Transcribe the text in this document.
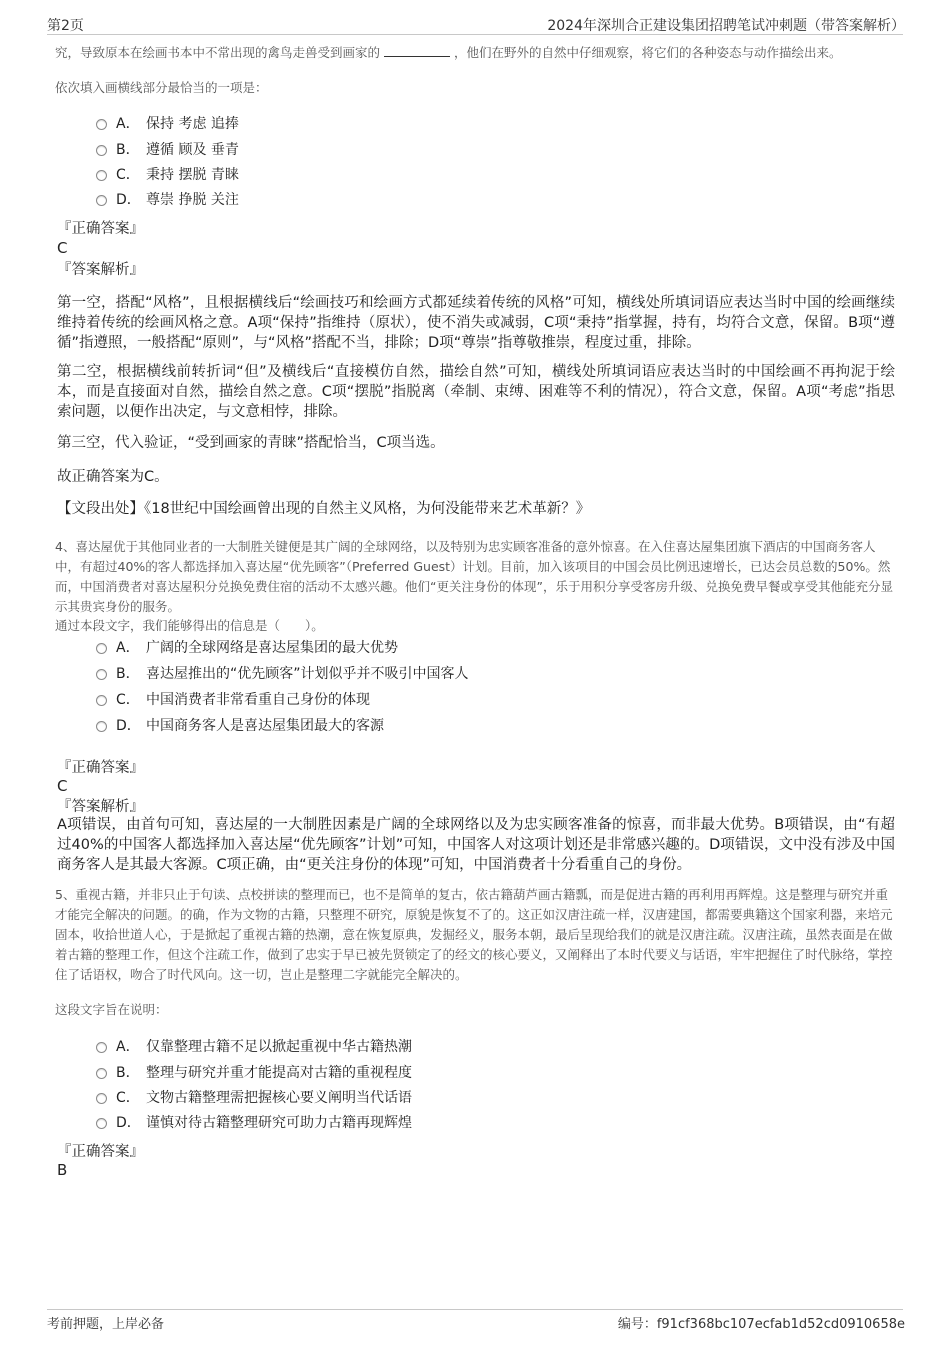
第2页	2024年深圳合正建设集团招聘笔试冲刺题（带答案解析）
究，导致原本在绘画书本中不常出现的禽鸟走兽受到画家的	，他们在野外的自然中仔细观察，将它们的各种姿态与动作描绘出来。
依次填入画横线部分最恰当的一项是：
A． 保持 考虑 追捧
B． 遵循 顾及 垂青
C． 秉持 摆脱 青睐
D． 尊崇 挣脱 关注
『正确答案』
C
『答案解析』
第一空，搭配“风格”，且根据横线后“绘画技巧和绘画方式都延续着传统的风格”可知，横线处所填词语应表达当时中国的绘画继续维持着传统的绘画风格之意。A项“保持”指维持（原状），使不消失或减弱，C项“秉持”指掌握，持有，均符合文意，保留。B项“遵循”指遵照，一般搭配“原则”，与“风格”搭配不当，排除；D项“尊崇”指尊敬推崇，程度过重，排除。
第二空，根据横线前转折词“但”及横线后“直接模仿自然，描绘自然”可知，横线处所填词语应表达当时的中国绘画不再拘泥于绘本，而是直接面对自然，描绘自然之意。C项“摆脱”指脱离（牵制、束缚、困难等不利的情况），符合文意，保留。A项“考虑”指思索问题，以便作出决定，与文意相悖，排除。
第三空，代入验证，“受到画家的青睐”搭配恰当，C项当选。
故正确答案为C。
【文段出处】《18世纪中国绘画曾出现的自然主义风格，为何没能带来艺术革新？》
4、喜达屋优于其他同业者的一大制胜关键便是其广阔的全球网络，以及特别为忠实顾客准备的意外惊喜。在入住喜达屋集团旗下酒店的中国商务客人中，有超过40%的客人都选择加入喜达屋“优先顾客”（Preferred Guest）计划。目前，加入该项目的中国会员比例迅速增长，已达会员总数的50%。然而，中国消费者对喜达屋积分兑换免费住宿的活动不太感兴趣。他们“更关注身份的体现”，乐于用积分享受客房升级、兑换免费早餐或享受其他能充分显示其贵宾身份的服务。
通过本段文字，我们能够得出的信息是（　　）。
A． 广阔的全球网络是喜达屋集团的最大优势
B． 喜达屋推出的“优先顾客”计划似乎并不吸引中国客人
C． 中国消费者非常看重自己身份的体现
D． 中国商务客人是喜达屋集团最大的客源
『正确答案』
C
『答案解析』
A项错误，由首句可知，喜达屋的一大制胜因素是广阔的全球网络以及为忠实顾客准备的惊喜，而非最大优势。B项错误，由“有超过40%的中国客人都选择加入喜达屋“优先顾客”计划”可知，中国客人对这项计划还是非常感兴趣的。D项错误，文中没有涉及中国商务客人是其最大客源。C项正确，由“更关注身份的体现”可知，中国消费者十分看重自己的身份。
5、重视古籍，并非只止于句读、点校拼读的整理而已，也不是简单的复古，依古籍葫芦画古籍瓢，而是促进古籍的再利用再辉煌。这是整理与研究并重才能完全解决的问题。的确，作为文物的古籍，只整理不研究，原貌是恢复不了的。这正如汉唐注疏一样，汉唐建国，都需要典籍这个国家利器，来培元固本，收拾世道人心，于是掀起了重视古籍的热潮，意在恢复原典，发掘经义，服务本朝，最后呈现给我们的就是汉唐注疏。汉唐注疏，虽然表面是在做着古籍的整理工作，但这个注疏工作，做到了忠实于早已被先贤锁定了的经文的核心要义，又阐释出了本时代要义与话语，牢牢把握住了时代脉络，掌控住了话语权，吻合了时代风向。这一切，岂止是整理二字就能完全解决的。
这段文字旨在说明：
A． 仅靠整理古籍不足以掀起重视中华古籍热潮
B． 整理与研究并重才能提高对古籍的重视程度
C． 文物古籍整理需把握核心要义阐明当代话语
D． 谨慎对待古籍整理研究可助力古籍再现辉煌
『正确答案』
B
考前押题，上岸必备	编号：f91cf368bc107ecfab1d52cd0910658e
